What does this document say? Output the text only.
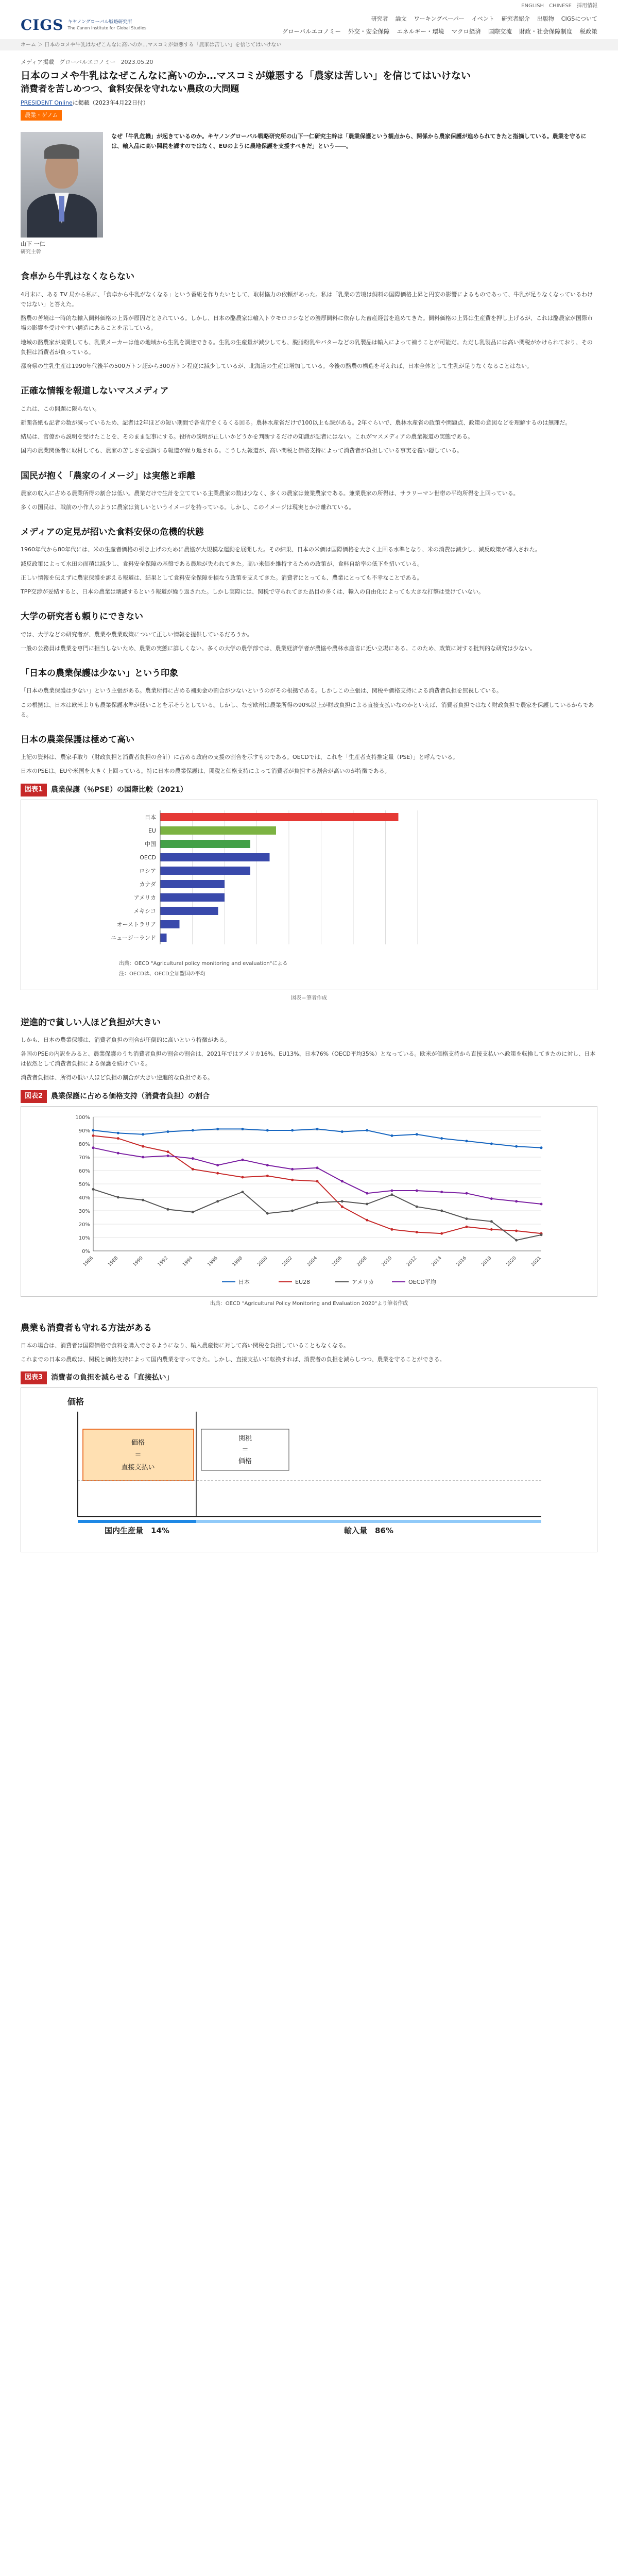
ENGLISH CHINESE 採用情報
CIGS キヤノングローバル戦略研究所
The Canon Institute for Global Studies
研究者 論文 ワーキングペーパー イベント 研究者紹介 出版物 CIGSについて
グローバルエコノミー 外交・安全保障 エネルギー・環境 マクロ経済 国際交流 財政・社会保障制度 税政策
ホーム ＞ 日本のコメや牛乳はなぜこんなに高いのか…マスコミが嫌悪する「農家は苦しい」を信じてはいけない
メディア掲載 グローバルエコノミー 2023.05.20
日本のコメや牛乳はなぜこんなに高いのか…マスコミが嫌悪する「農家は苦しい」を信じてはいけない
消費者を苦しめつつ、食料安保を守れない農政の大問題
PRESIDENT Onlineに掲載（2023年4月22日付）
農業・ゲノム
山下 一仁
研究主幹
なぜ「牛乳危機」が起きているのか。キヤノングローバル戦略研究所の山下一仁研究主幹は「農業保護という観点から、関係から農家保護が進められてきたと指摘している。農業を守るには、輸入品に高い関税を課すのではなく、EUのように農地保護を支援すべきだ」という――。
食卓から牛乳はなくならない

4月末に、ある TV 局から私に、「食卓から牛乳がなくなる」という番組を作りたいとして、取材協力の依頼があった。私は「乳業の苦境は飼料の国際価格上昇と円安の影響によるものであって、牛乳が足りなくなっているわけではない」と答えた。

酪農の苦境は一時的な輸入飼料価格の上昇が原因だとされている。しかし、日本の酪農家は輸入トウモロコシなどの濃厚飼料に依存した畜産経営を進めてきた。飼料価格の上昇は生産費を押し上げるが、これは酪農家が国際市場の影響を受けやすい構造にあることを示している。

地域の酪農家が廃業しても、乳業メーカーは他の地域から生乳を調達できる。生乳の生産量が減少しても、脱脂粉乳やバターなどの乳製品は輸入によって補うことが可能だ。ただし乳製品には高い関税がかけられており、その負担は消費者が負っている。

都府県の生乳生産は1990年代後半の500万トン超から300万トン程度に減少しているが、北海道の生産は増加している。今後の酪農の構造を考えれば、日本全体として生乳が足りなくなることはない。

正確な情報を報道しないマスメディア

これは、この問題に限らない。

新聞各紙も記者の数が減っているため、記者は2年ほどの短い期間で各省庁をくるくる回る。農林水産省だけで100以上も課がある。2年ぐらいで、農林水産省の政策や問題点、政策の意図などを理解するのは無理だ。

結局は、官僚から説明を受けたことを、そのまま記事にする。役所の説明が正しいかどうかを判断するだけの知識が記者にはない。これがマスメディアの農業報道の実態である。

国内の農業関係者に取材しても、農家の苦しさを強調する報道が繰り返される。こうした報道が、高い関税と価格支持によって消費者が負担している事実を覆い隠している。

国民が抱く「農家のイメージ」は実態と乖離

農家の収入に占める農業所得の割合は低い。農業だけで生計を立てている主業農家の数は少なく、多くの農家は兼業農家である。兼業農家の所得は、サラリーマン世帯の平均所得を上回っている。

多くの国民は、戦前の小作人のように農家は貧しいというイメージを持っている。しかし、このイメージは現実とかけ離れている。

メディアの定見が招いた食料安保の危機的状態

1960年代から80年代には、米の生産者価格の引き上げのために農協が大規模な運動を展開した。その結果、日本の米価は国際価格を大きく上回る水準となり、米の消費は減少し、減反政策が導入された。

減反政策によって水田の面積は減少し、食料安全保障の基盤である農地が失われてきた。高い米価を維持するための政策が、食料自給率の低下を招いている。

正しい情報を伝えずに農家保護を訴える報道は、結果として食料安全保障を損なう政策を支えてきた。消費者にとっても、農業にとっても不幸なことである。

TPP交渉が妥結すると、日本の農業は壊滅するという報道が繰り返された。しかし実際には、関税で守られてきた品目の多くは、輸入の自由化によっても大きな打撃は受けていない。

大学の研究者も頼りにできない

では、大学などの研究者が、農業や農業政策について正しい情報を提供しているだろうか。

一般の公務員は農業を専門に担当しないため、農業の実態に詳しくない。多くの大学の農学部では、農業経済学者が農協や農林水産省に近い立場にある。このため、政策に対する批判的な研究は少ない。

「日本の農業保護は少ない」という印象

「日本の農業保護は少ない」という主張がある。農業所得に占める補助金の割合が少ないというのがその根拠である。しかしこの主張は、関税や価格支持による消費者負担を無視している。

この根拠は、日本は欧米よりも農業保護水準が低いことを示そうとしている。しかし、なぜ欧州は農業所得の90%以上が財政負担による直接支払いなのかといえば、消費者負担ではなく財政負担で農家を保護しているからである。

日本の農業保護は極めて高い

上記の資料は、農家手取り（財政負担と消費者負担の合計）に占める政府の支援の割合を示すものである。OECDでは、これを「生産者支持推定量（PSE）」と呼んでいる。

日本のPSEは、EUや米国を大きく上回っている。特に日本の農業保護は、関税と価格支持によって消費者が負担する割合が高いのが特徴である。

図表1	農業保護（％PSE）の国際比較（2021）
日本
EU
中国
OECD
ロシア
カナダ
アメリカ
メキシコ
オーストラリア
ニュージーランド
出典：OECD "Agricultural policy monitoring and evaluation"による
注：OECDは、OECD全加盟国の平均
図表＝筆者作成
逆進的で貧しい人ほど負担が大きい

しかも、日本の農業保護は、消費者負担の割合が圧倒的に高いという特徴がある。

各国のPSEの内訳をみると、農業保護のうち消費者負担の割合の割合は、2021年ではアメリカ16%、EU13%、日本76%（OECD平均35%）となっている。欧米が価格支持から直接支払いへ政策を転換してきたのに対し、日本は依然として消費者負担による保護を続けている。

消費者負担は、所得の低い人ほど負担の割合が大きい逆進的な負担である。

図表2	農業保護に占める価格支持（消費者負担）の割合
0%
10%
20%
30%
40%
50%
60%
70%
80%
90%
100%
1986	1988	1990	1992	1994	1996	1998	2000	2002	2004	2006	2008	2010	2012	2014	2016	2018	2020	2021
日本	EU28	アメリカ	OECD平均
出典：OECD "Agricultural Policy Monitoring and Evaluation 2020"より筆者作成
農業も消費者も守れる方法がある

日本の場合は、消費者は国際価格で食料を購入できるようになり、輸入農産物に対して高い関税を負担していることもなくなる。

これまでの日本の農政は、関税と価格支持によって国内農業を守ってきた。しかし、直接支払いに転換すれば、消費者の負担を減らしつつ、農業を守ることができる。

図表3	消費者の負担を減らせる「直接払い」
価格
価格
＝
直接支払い
関税
＝
価格
国内生産量　14%	輸入量　86%
